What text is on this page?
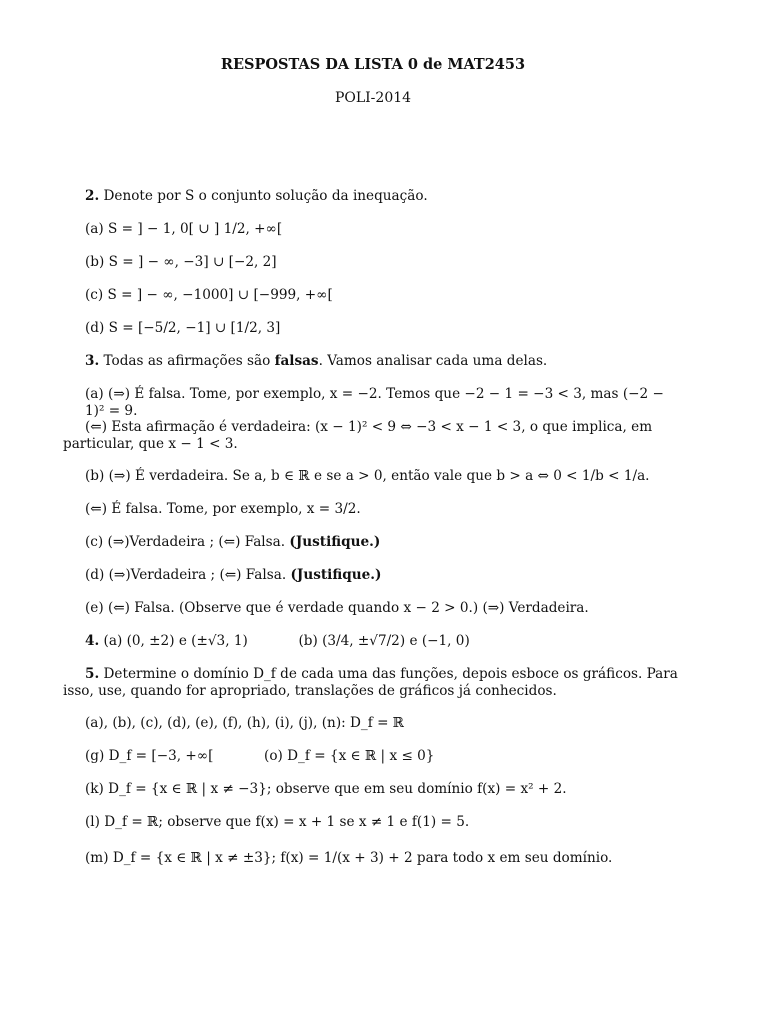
RESPOSTAS DA LISTA 0 de MAT2453
POLI-2014
2. Denote por S o conjunto solução da inequação.
(a) S = ] − 1, 0[ ∪ ] 1/2, +∞[
(b) S = ] − ∞, −3] ∪ [−2, 2]
(c) S = ] − ∞, −1000] ∪ [−999, +∞[
(d) S = [−5/2, −1] ∪ [1/2, 3]
3. Todas as afirmações são falsas. Vamos analisar cada uma delas.
(a) (⇒) É falsa. Tome, por exemplo, x = −2. Temos que −2 − 1 = −3 < 3, mas (−2 − 1)² = 9.
(⇐) Esta afirmação é verdadeira: (x − 1)² < 9 ⇔ −3 < x − 1 < 3, o que implica, em particular, que x − 1 < 3.
(b) (⇒) É verdadeira. Se a, b ∈ ℝ e se a > 0, então vale que b > a ⇔ 0 < 1/b < 1/a.
(⇐) É falsa. Tome, por exemplo, x = 3/2.
(c) (⇒)Verdadeira ; (⇐) Falsa. (Justifique.)
(d) (⇒)Verdadeira ; (⇐) Falsa. (Justifique.)
(e) (⇐) Falsa. (Observe que é verdade quando x − 2 > 0.) (⇒) Verdadeira.
4. (a) (0, ±2) e (±√3, 1)	(b) (3/4, ±√7/2) e (−1, 0)
5. Determine o domínio D_f de cada uma das funções, depois esboce os gráficos. Para isso, use, quando for apropriado, translações de gráficos já conhecidos.
(a), (b), (c), (d), (e), (f), (h), (i), (j), (n): D_f = ℝ
(g) D_f = [−3, +∞[	(o) D_f = {x ∈ ℝ | x ≤ 0}
(k) D_f = {x ∈ ℝ | x ≠ −3}; observe que em seu domínio f(x) = x² + 2.
(l) D_f = ℝ; observe que f(x) = x + 1 se x ≠ 1 e f(1) = 5.
(m) D_f = {x ∈ ℝ | x ≠ ±3}; f(x) = 1/(x + 3) + 2 para todo x em seu domínio.
